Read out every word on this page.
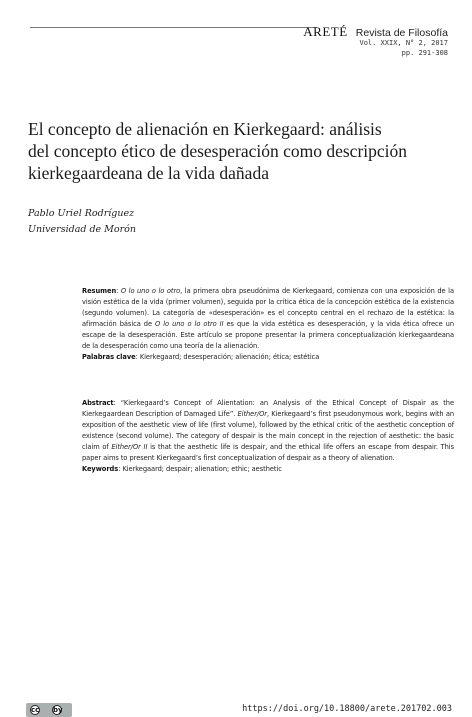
ARETÉ Revista de Filosofía
Vol. XXIX, N° 2, 2017
pp. 291-308
El concepto de alienación en Kierkegaard: análisis
del concepto ético de desesperación como descripción
kierkegaardeana de la vida dañada
Pablo Uriel Rodríguez
Universidad de Morón

Resumen: O lo uno o lo otro, la primera obra pseudónima de Kierkegaard, comienza con una exposición de la visión estética de la vida (primer volumen), seguida por la crítica ética de la concepción estética de la existencia (segundo volumen). La categoría de «desesperación» es el concepto central en el rechazo de la estética: la afirmación básica de O lo uno o lo otro II es que la vida estética es desesperación, y la vida ética ofrece un escape de la desesperación. Este artículo se propone presentar la primera conceptualización kierkegaardeana de la desesperación como una teoría de la alienación.

Palabras clave: Kierkegaard; desesperación; alienación; ética; estética

Abstract: “Kierkegaard’s Concept of Alientation: an Analysis of the Ethical Concept of Dispair as the Kierkegaardean Description of Damaged Life”. Either/Or, Kierkegaard’s first pseudonymous work, begins with an exposition of the aesthetic view of life (first volume), followed by the ethical critic of the aesthetic conception of existence (second volume). The category of despair is the main concept in the rejection of aesthetic: the basic claim of Either/Or II is that the aesthetic life is despair, and the ethical life offers an escape from despair. This paper aims to present Kierkegaard’s first conceptualization of despair as a theory of alienation.

Keywords: Kierkegaard; despair; alienation; ethic; aesthetic

cc by	https://doi.org/10.18800/arete.201702.003
